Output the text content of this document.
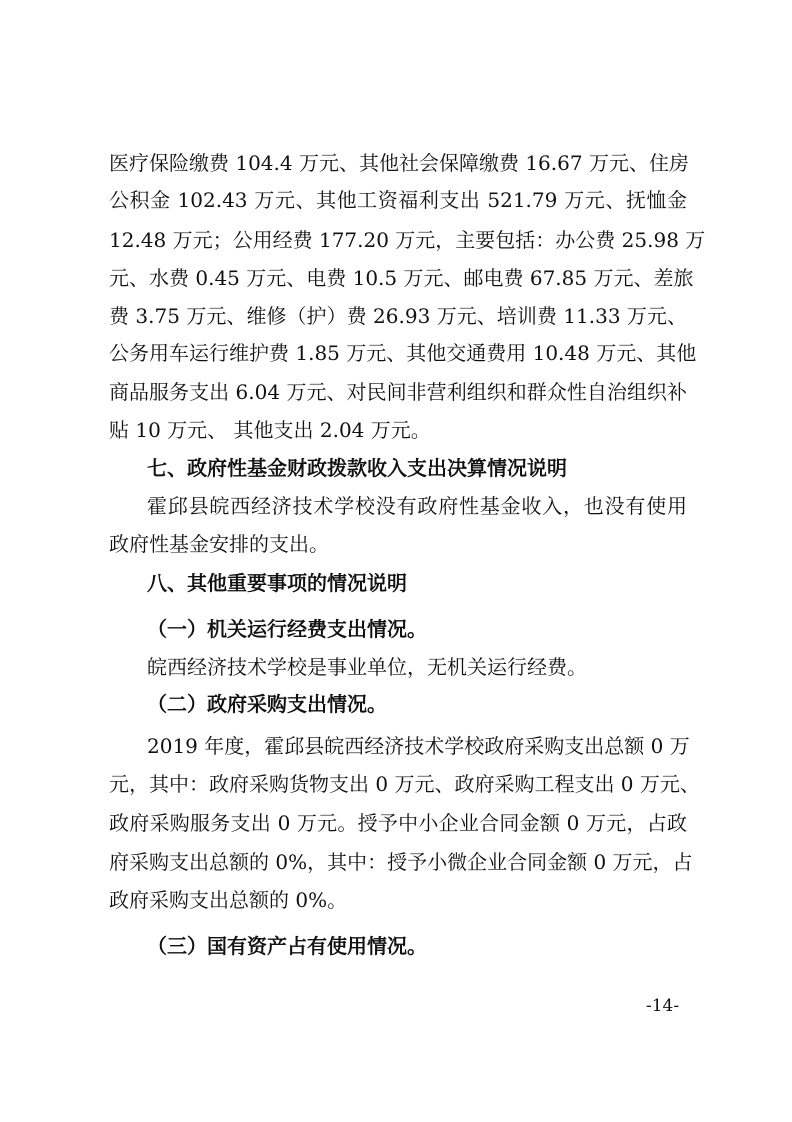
医疗保险缴费 104.4 万元、其他社会保障缴费 16.67 万元、住房
公积金 102.43 万元、其他工资福利支出 521.79 万元、抚恤金
12.48 万元；公用经费 177.20 万元，主要包括：办公费 25.98 万
元、水费 0.45 万元、电费 10.5 万元、邮电费 67.85 万元、差旅
费 3.75 万元、维修（护）费 26.93 万元、培训费 11.33 万元、
公务用车运行维护费 1.85 万元、其他交通费用 10.48 万元、其他
商品服务支出 6.04 万元、对民间非营利组织和群众性自治组织补
贴 10 万元、 其他支出 2.04 万元。
七、政府性基金财政拨款收入支出决算情况说明
霍邱县皖西经济技术学校没有政府性基金收入，也没有使用
政府性基金安排的支出。
八、其他重要事项的情况说明
（一）机关运行经费支出情况。
皖西经济技术学校是事业单位，无机关运行经费。
（二）政府采购支出情况。
2019 年度，霍邱县皖西经济技术学校政府采购支出总额 0 万
元，其中：政府采购货物支出 0 万元、政府采购工程支出 0 万元、
政府采购服务支出 0 万元。授予中小企业合同金额 0 万元，占政
府采购支出总额的 0%，其中：授予小微企业合同金额 0 万元，占
政府采购支出总额的 0%。
（三）国有资产占有使用情况。
-14-
